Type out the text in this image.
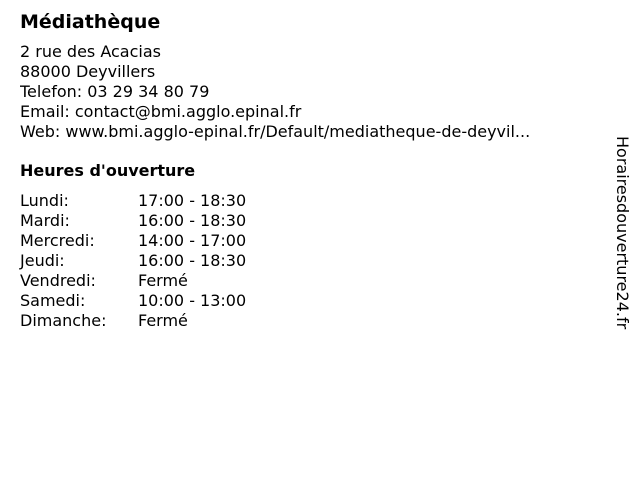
Médiathèque
2 rue des Acacias
88000 Deyvillers
Telefon: 03 29 34 80 79
Email: contact@bmi.agglo.epinal.fr
Web: www.bmi.agglo-epinal.fr/Default/mediatheque-de-deyvil...
Heures d'ouverture
Lundi:	17:00 - 18:30
Mardi:	16:00 - 18:30
Mercredi:	14:00 - 17:00
Jeudi:	16:00 - 18:30
Vendredi:	Fermé
Samedi:	10:00 - 13:00
Dimanche:	Fermé	Horairesdouverture24.fr
